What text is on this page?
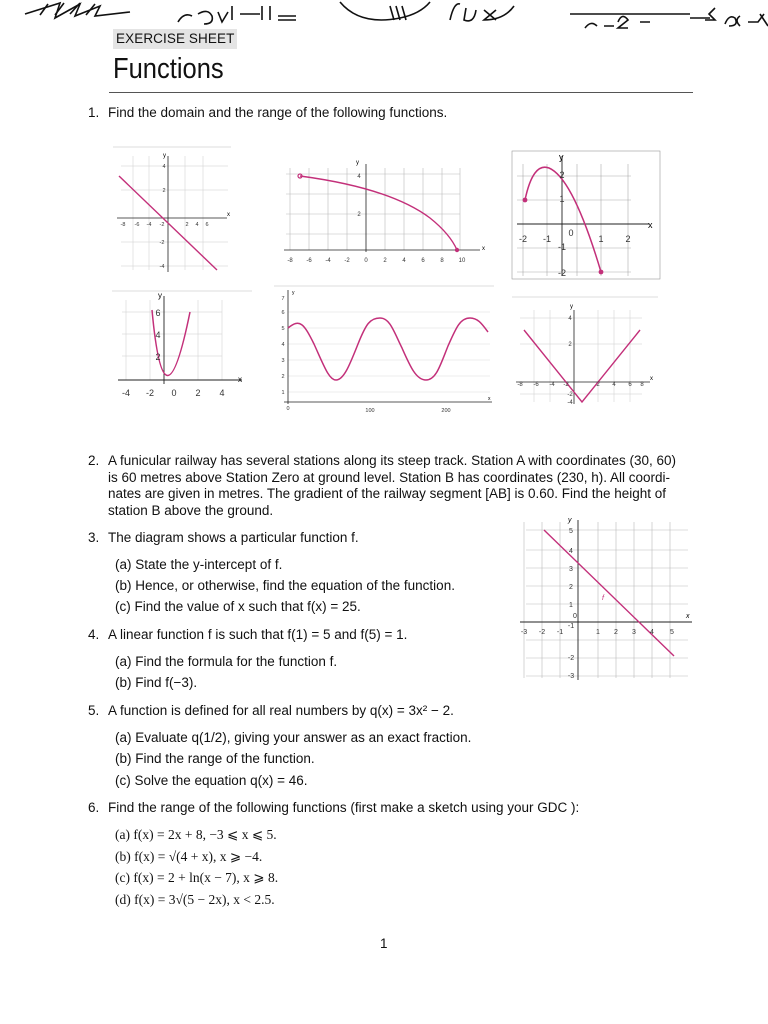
EXERCISE SHEET
Functions
1. Find the domain and the range of the following functions.
x
y
-8 -6 -4 -2	2 4 6
4
2
-2
-4
x
y
-8 -6 -4 -2 0	2	4	6	8 10
4
2
x
y
-2 -1	1 2
2
1
0
-1
-2
x
y
-4 -2 0 2 4
6
4
2
x
y
0	100	200
7
6
5
4
3
2
1
x
y
-8 -6 -4 -2	2 4 6 8
4
2
-2
-4
2. A funicular railway has several stations along its steep track. Station A with coordinates (30, 60)
is 60 metres above Station Zero at ground level. Station B has coordinates (230, h). All coordi-
nates are given in metres. The gradient of the railway segment [AB] is 0.60. Find the height of
station B above the ground.
3. The diagram shows a particular function f.
(a) State the y-intercept of f.
(b) Hence, or otherwise, find the equation of the function.
(c) Find the value of x such that f(x) = 25.
f
x
y
-3 -2 -1	1 2 3 4 5
5
4
3
2
1
0
-1
-2
-3
4. A linear function f is such that f(1) = 5 and f(5) = 1.
(a) Find the formula for the function f.
(b) Find f(−3).
5. A function is defined for all real numbers by q(x) = 3x² − 2.
(a) Evaluate q(1/2), giving your answer as an exact fraction.
(b) Find the range of the function.
(c) Solve the equation q(x) = 46.
6. Find the range of the following functions (first make a sketch using your GDC ):
(a) f(x) = 2x + 8, −3 ⩽ x ⩽ 5.
(b) f(x) = √(4 + x), x ⩾ −4.
(c) f(x) = 2 + ln(x − 7), x ⩾ 8.
(d) f(x) = 3√(5 − 2x), x < 2.5.
1
